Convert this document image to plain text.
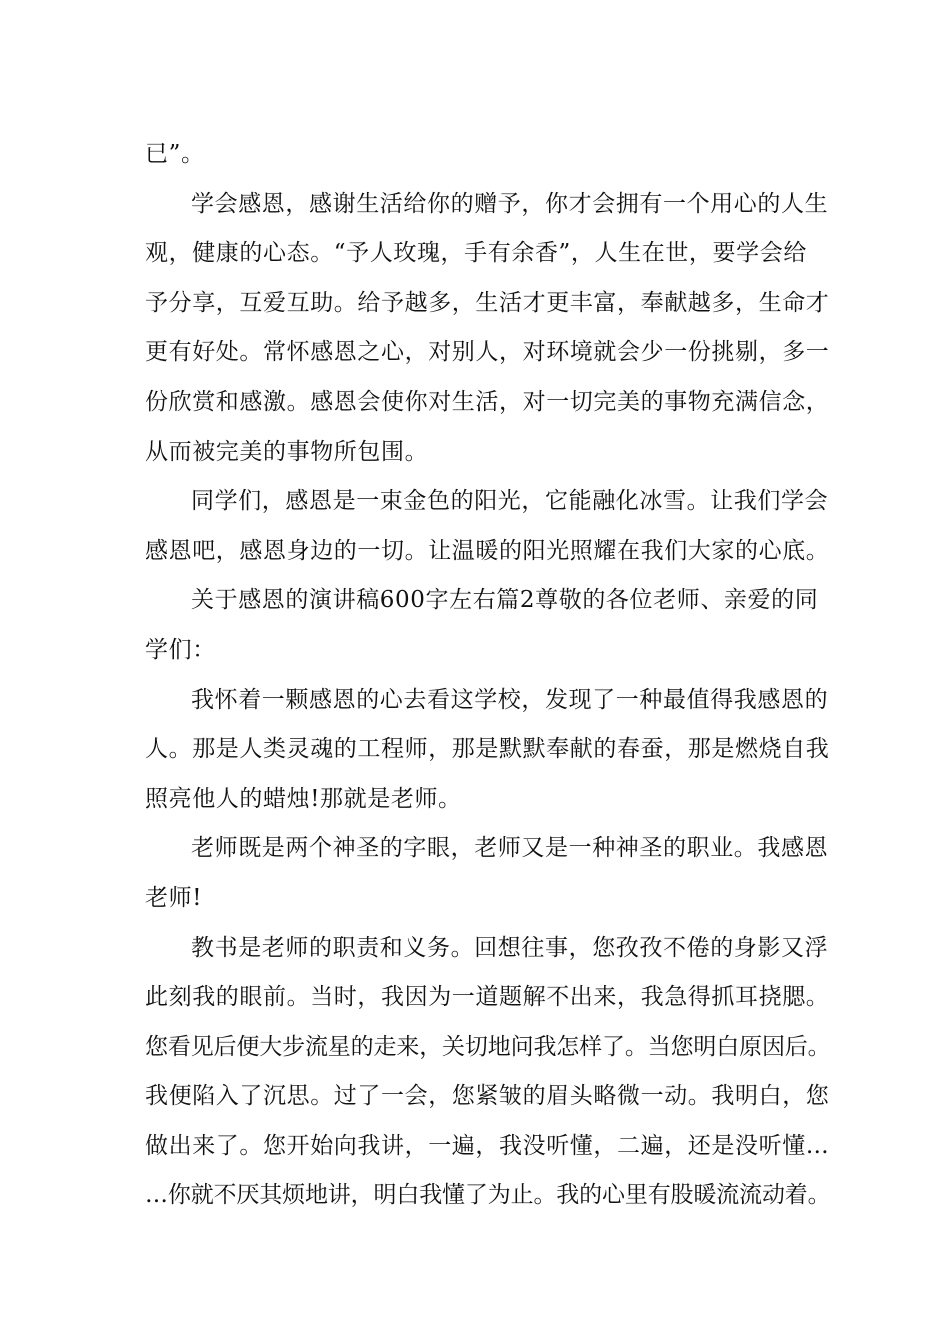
已”。
学会感恩，感谢生活给你的赠予，你才会拥有一个用心的人生
观，健康的心态。“予人玫瑰，手有余香”，人生在世，要学会给
予分享，互爱互助。给予越多，生活才更丰富，奉献越多，生命才
更有好处。常怀感恩之心，对别人，对环境就会少一份挑剔，多一
份欣赏和感激。感恩会使你对生活，对一切完美的事物充满信念，
从而被完美的事物所包围。
同学们，感恩是一束金色的阳光，它能融化冰雪。让我们学会
感恩吧，感恩身边的一切。让温暖的阳光照耀在我们大家的心底。
关于感恩的演讲稿600字左右篇2尊敬的各位老师、亲爱的同
学们：
我怀着一颗感恩的心去看这学校，发现了一种最值得我感恩的
人。那是人类灵魂的工程师，那是默默奉献的春蚕，那是燃烧自我
照亮他人的蜡烛!那就是老师。
老师既是两个神圣的字眼，老师又是一种神圣的职业。我感恩
老师!
教书是老师的职责和义务。回想往事，您孜孜不倦的身影又浮
此刻我的眼前。当时，我因为一道题解不出来，我急得抓耳挠腮。
您看见后便大步流星的走来，关切地问我怎样了。当您明白原因后。
我便陷入了沉思。过了一会，您紧皱的眉头略微一动。我明白，您
做出来了。您开始向我讲，一遍，我没听懂，二遍，还是没听懂…
…你就不厌其烦地讲，明白我懂了为止。我的心里有股暖流流动着。
